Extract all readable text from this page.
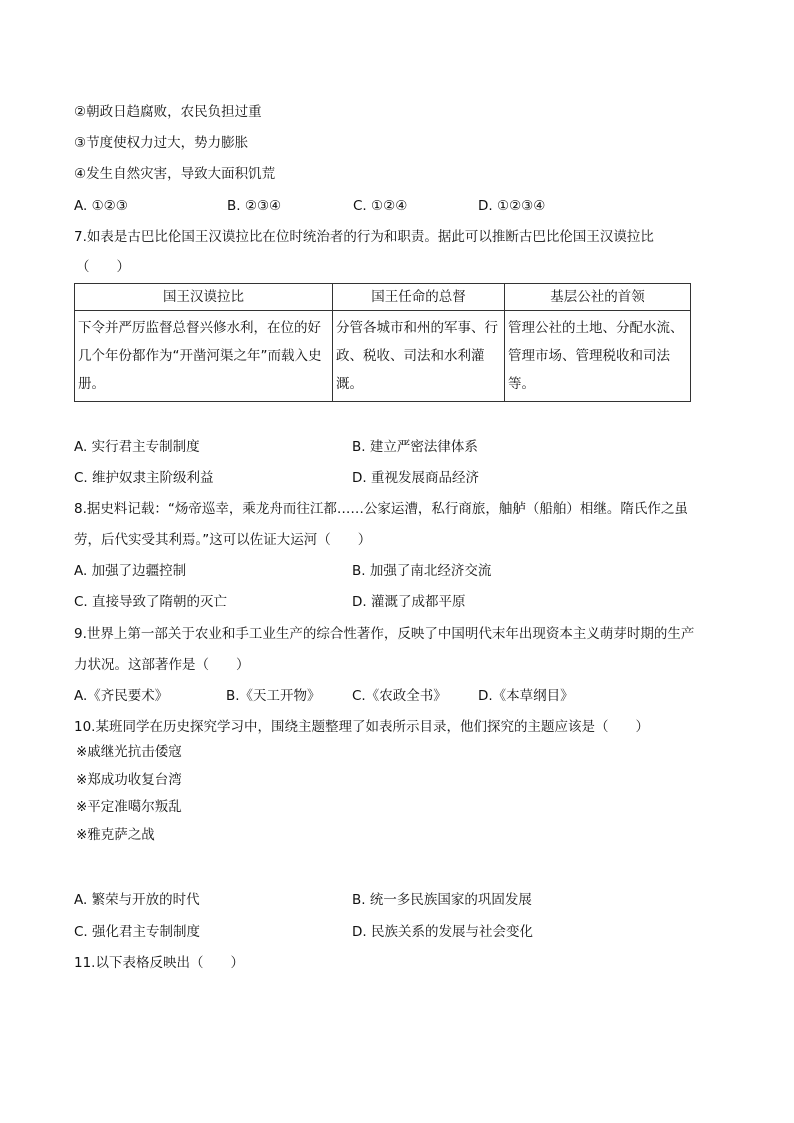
②朝政日趋腐败，农民负担过重
③节度使权力过大，势力膨胀
④发生自然灾害，导致大面积饥荒
A. ①②③	B. ②③④	C. ①②④	D. ①②③④
7.如表是古巴比伦国王汉谟拉比在位时统治者的行为和职责。据此可以推断古巴比伦国王汉谟拉比
（　　）
国王汉谟拉比	国王任命的总督	基层公社的首领
下令并严厉监督总督兴修水利，在位的好几个年份都作为“开凿河渠之年”而载入史册。	分管各城市和州的军事、行政、税收、司法和水利灌溉。	管理公社的土地、分配水流、管理市场、管理税收和司法等。
A. 实行君主专制制度	B. 建立严密法律体系
C. 维护奴隶主阶级利益	D. 重视发展商品经济
8.据史料记载：“炀帝巡幸，乘龙舟而往江都……公家运漕，私行商旅，舳舻（船舶）相继。隋氏作之虽
劳，后代实受其利焉。”这可以佐证大运河（　　）
A. 加强了边疆控制	B. 加强了南北经济交流
C. 直接导致了隋朝的灭亡	D. 灌溉了成都平原
9.世界上第一部关于农业和手工业生产的综合性著作，反映了中国明代末年出现资本主义萌芽时期的生产
力状况。这部著作是（　　）
A.《齐民要术》	B.《天工开物》 C.《农政全书》 D.《本草纲目》
10.某班同学在历史探究学习中，围绕主题整理了如表所示目录，他们探究的主题应该是（　　）
※戚继光抗击倭寇
※郑成功收复台湾
※平定准噶尔叛乱
※雅克萨之战
A. 繁荣与开放的时代	B. 统一多民族国家的巩固发展
C. 强化君主专制制度	D. 民族关系的发展与社会变化
11.以下表格反映出（　　）
